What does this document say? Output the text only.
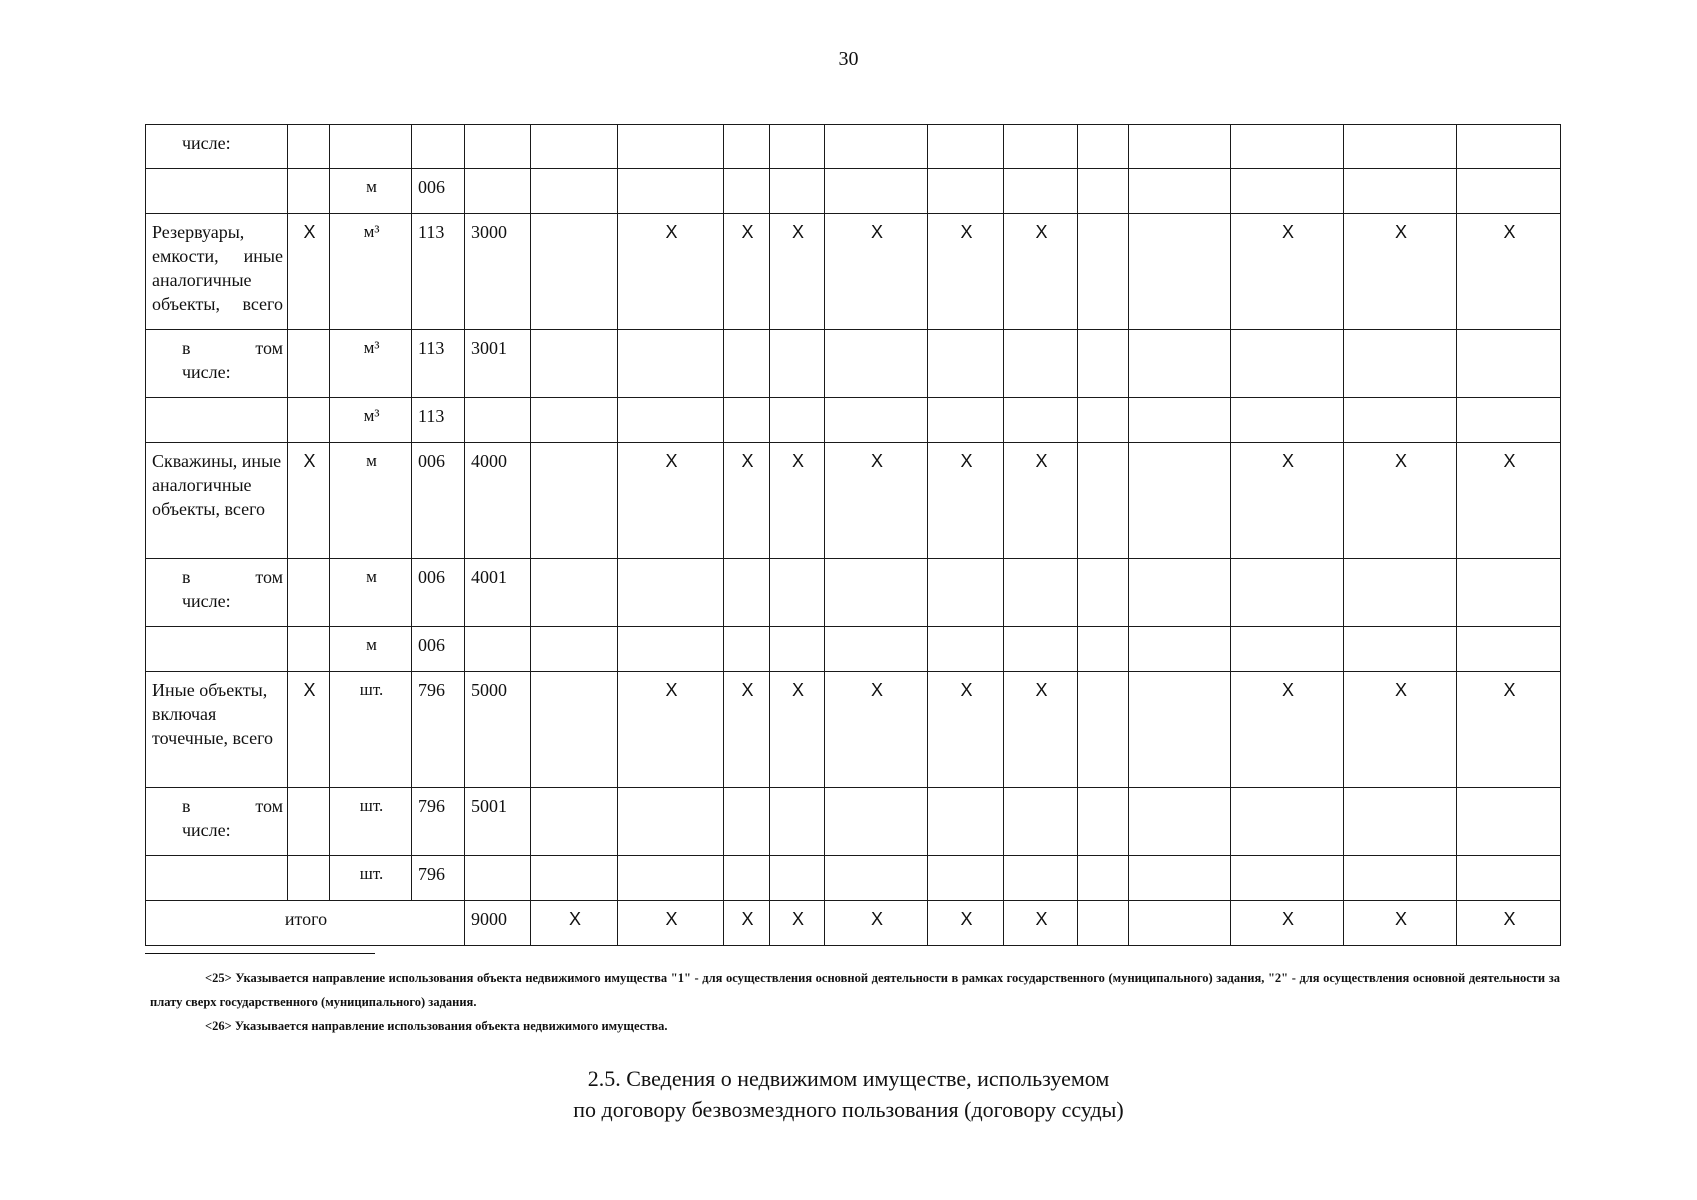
30
числе:																	

		м	006														

Резервуары, емкости, иные аналогичные объекты, всего	Х	м³	113	3000		Х	Х	Х	Х	Х	Х			Х	Х	Х	

в том
числе:		м³	113	3001													

		м³	113														

Скважины, иные аналогичные объекты, всего	Х	м	006	4000		Х	Х	Х	Х	Х	Х			Х	Х	Х	

в том
числе:		м	006	4001													

		м	006														

Иные объекты, включая точечные, всего	Х	шт.	796	5000		Х	Х	Х	Х	Х	Х			Х	Х	Х	

в том
числе:		шт.	796	5001													

		шт.	796														
итого				9000	Х	Х	Х	Х	Х	Х	Х			Х	Х	Х	

<25> Указывается направление использования объекта недвижимого имущества "1" - для осуществления основной деятельности в рамках государственного (муниципального) задания, "2" - для осуществления основной деятельности за плату сверх государственного (муниципального) задания.

<26> Указывается направление использования объекта недвижимого имущества.

2.5. Сведения о недвижимом имуществе, используемом
по договору безвозмездного пользования (договору ссуды)
